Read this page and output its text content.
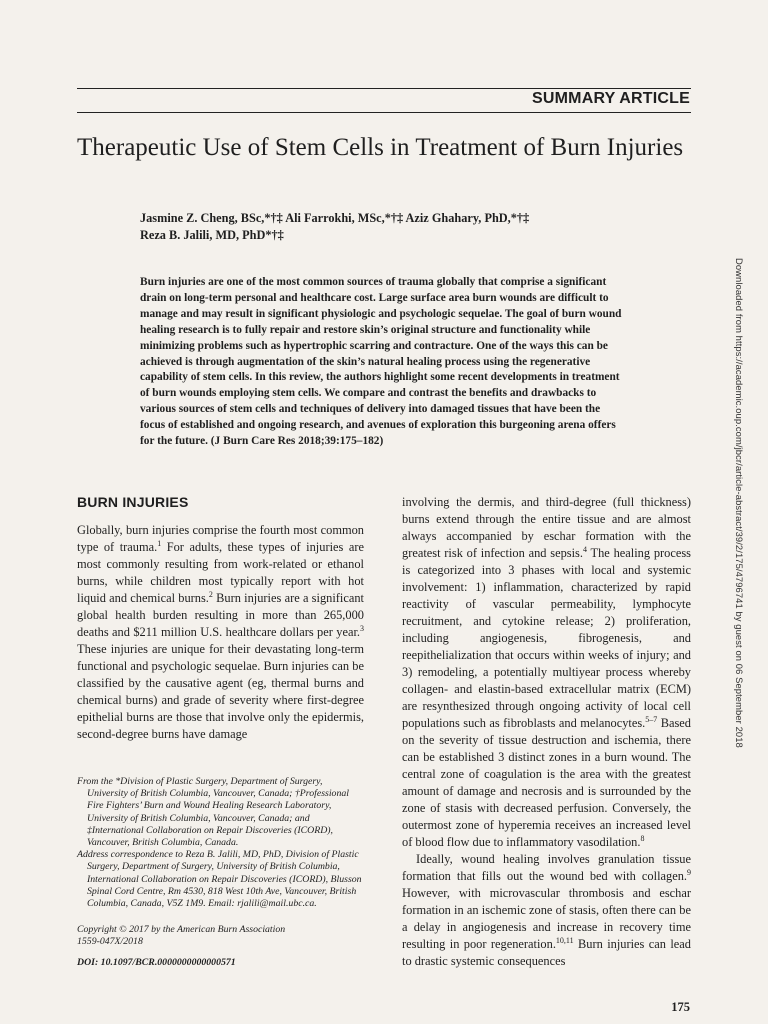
SUMMARY ARTICLE
Therapeutic Use of Stem Cells in Treatment of Burn Injuries
Jasmine Z. Cheng, BSc,*†‡ Ali Farrokhi, MSc,*†‡ Aziz Ghahary, PhD,*†‡
Reza B. Jalili, MD, PhD*†‡
Burn injuries are one of the most common sources of trauma globally that comprise a significant drain on long-term personal and healthcare cost. Large surface area burn wounds are difficult to manage and may result in significant physiologic and psychologic sequelae. The goal of burn wound healing research is to fully repair and restore skin’s original structure and functionality while minimizing problems such as hypertrophic scarring and contracture. One of the ways this can be achieved is through augmentation of the skin’s natural healing process using the regenerative capability of stem cells. In this review, the authors highlight some recent developments in treatment of burn wounds employing stem cells. We compare and contrast the benefits and drawbacks to various sources of stem cells and techniques of delivery into damaged tissues that have been the focus of established and ongoing research, and avenues of exploration this burgeoning arena offers for the future. (J Burn Care Res 2018;39:175–182)
BURN INJURIES

Globally, burn injuries comprise the fourth most common type of trauma.$^1$ For adults, these types of injuries are most commonly resulting from work-related or ethanol burns, while children most typically report with hot liquid and chemical burns.$^2$ Burn injuries are a significant global health burden resulting in more than 265,000 deaths and $211 million U.S. healthcare dollars per year.$^3$ These injuries are unique for their devastating long-term functional and psychologic sequelae. Burn injuries can be classified by the causative agent (eg, thermal burns and chemical burns) and grade of severity where first-degree epithelial burns are those that involve only the epidermis, second-degree burns have damage

involving the dermis, and third-degree (full thickness) burns extend through the entire tissue and are almost always accompanied by eschar formation with the greatest risk of infection and sepsis.$^4$ The healing process is categorized into 3 phases with local and systemic involvement: 1) inflammation, characterized by rapid reactivity of vascular permeability, lymphocyte recruitment, and cytokine release; 2) proliferation, including angiogenesis, fibrogenesis, and reepithelialization that occurs within weeks of injury; and 3) remodeling, a potentially multiyear process whereby collagen- and elastin-based extracellular matrix (ECM) are resynthesized through ongoing activity of local cell populations such as fibroblasts and melanocytes.$^{5-7}$ Based on the severity of tissue destruction and ischemia, there can be established 3 distinct zones in a burn wound. The central zone of coagulation is the area with the greatest amount of damage and necrosis and is surrounded by the zone of stasis with decreased perfusion. Conversely, the outermost zone of hyperemia receives an increased level of blood flow due to inflammatory vasodilation.$^8$

Ideally, wound healing involves granulation tissue formation that fills out the wound bed with collagen.$^9$ However, with microvascular thrombosis and eschar formation in an ischemic zone of stasis, often there can be a delay in angiogenesis and increase in recovery time resulting in poor regeneration.$^{10,11}$ Burn injuries can lead to drastic systemic consequences

From the *Division of Plastic Surgery, Department of Surgery, University of British Columbia, Vancouver, Canada; †Professional Fire Fighters’ Burn and Wound Healing Research Laboratory, University of British Columbia, Vancouver, Canada; and ‡International Collaboration on Repair Discoveries (ICORD), Vancouver, British Columbia, Canada.

Address correspondence to Reza B. Jalili, MD, PhD, Division of Plastic Surgery, Department of Surgery, University of British Columbia, International Collaboration on Repair Discoveries (ICORD), Blusson Spinal Cord Centre, Rm 4530, 818 West 10th Ave, Vancouver, British Columbia, Canada, V5Z 1M9. Email: rjalili@mail.ubc.ca.

Copyright © 2017 by the American Burn Association

1559-047X/2018

DOI: 10.1097/BCR.0000000000000571

175
Downloaded from https://academic.oup.com/jbcr/article-abstract/39/2/175/4796741 by guest on 06 September 2018
